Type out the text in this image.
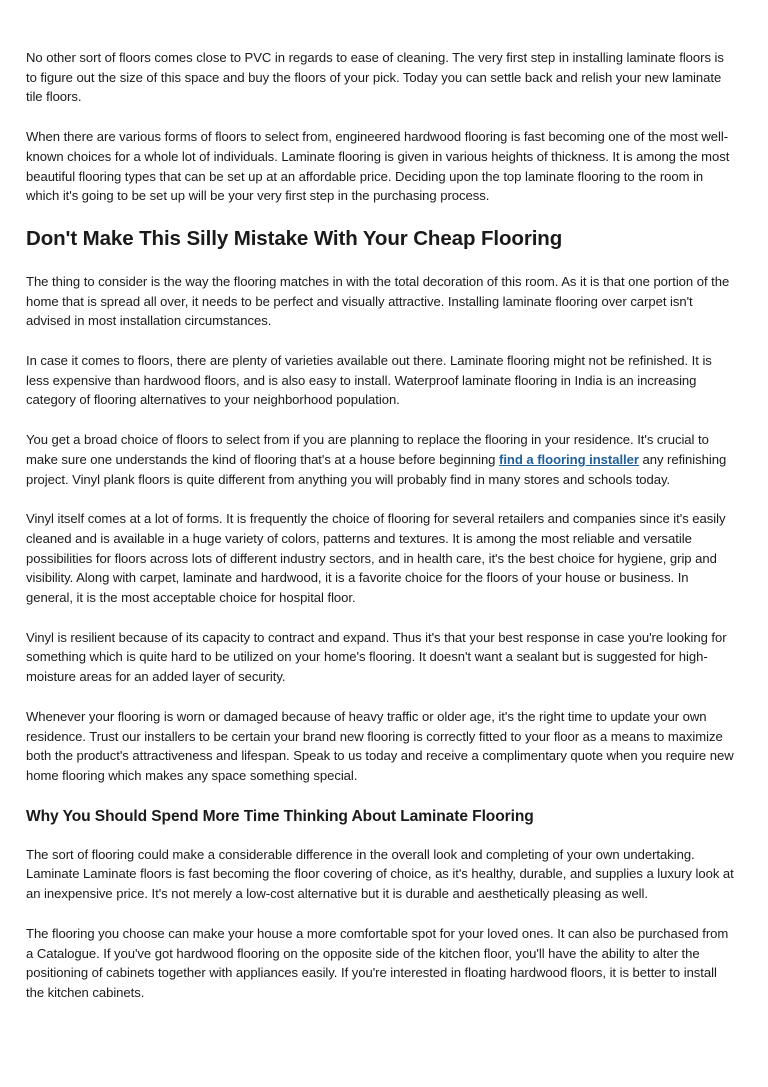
No other sort of floors comes close to PVC in regards to ease of cleaning. The very first step in installing laminate floors is to figure out the size of this space and buy the floors of your pick. Today you can settle back and relish your new laminate tile floors.

When there are various forms of floors to select from, engineered hardwood flooring is fast becoming one of the most well-known choices for a whole lot of individuals. Laminate flooring is given in various heights of thickness. It is among the most beautiful flooring types that can be set up at an affordable price. Deciding upon the top laminate flooring to the room in which it's going to be set up will be your very first step in the purchasing process.

Don't Make This Silly Mistake With Your Cheap Flooring

The thing to consider is the way the flooring matches in with the total decoration of this room. As it is that one portion of the home that is spread all over, it needs to be perfect and visually attractive. Installing laminate flooring over carpet isn't advised in most installation circumstances.

In case it comes to floors, there are plenty of varieties available out there. Laminate flooring might not be refinished. It is less expensive than hardwood floors, and is also easy to install. Waterproof laminate flooring in India is an increasing category of flooring alternatives to your neighborhood population.

You get a broad choice of floors to select from if you are planning to replace the flooring in your residence. It's crucial to make sure one understands the kind of flooring that's at a house before beginning find a flooring installer any refinishing project. Vinyl plank floors is quite different from anything you will probably find in many stores and schools today.

Vinyl itself comes at a lot of forms. It is frequently the choice of flooring for several retailers and companies since it's easily cleaned and is available in a huge variety of colors, patterns and textures. It is among the most reliable and versatile possibilities for floors across lots of different industry sectors, and in health care, it's the best choice for hygiene, grip and visibility. Along with carpet, laminate and hardwood, it is a favorite choice for the floors of your house or business. In general, it is the most acceptable choice for hospital floor.

Vinyl is resilient because of its capacity to contract and expand. Thus it's that your best response in case you're looking for something which is quite hard to be utilized on your home's flooring. It doesn't want a sealant but is suggested for high-moisture areas for an added layer of security.

Whenever your flooring is worn or damaged because of heavy traffic or older age, it's the right time to update your own residence. Trust our installers to be certain your brand new flooring is correctly fitted to your floor as a means to maximize both the product's attractiveness and lifespan. Speak to us today and receive a complimentary quote when you require new home flooring which makes any space something special.

Why You Should Spend More Time Thinking About Laminate Flooring

The sort of flooring could make a considerable difference in the overall look and completing of your own undertaking. Laminate Laminate floors is fast becoming the floor covering of choice, as it's healthy, durable, and supplies a luxury look at an inexpensive price. It's not merely a low-cost alternative but it is durable and aesthetically pleasing as well.

The flooring you choose can make your house a more comfortable spot for your loved ones. It can also be purchased from a Catalogue. If you've got hardwood flooring on the opposite side of the kitchen floor, you'll have the ability to alter the positioning of cabinets together with appliances easily. If you're interested in floating hardwood floors, it is better to install the kitchen cabinets.
